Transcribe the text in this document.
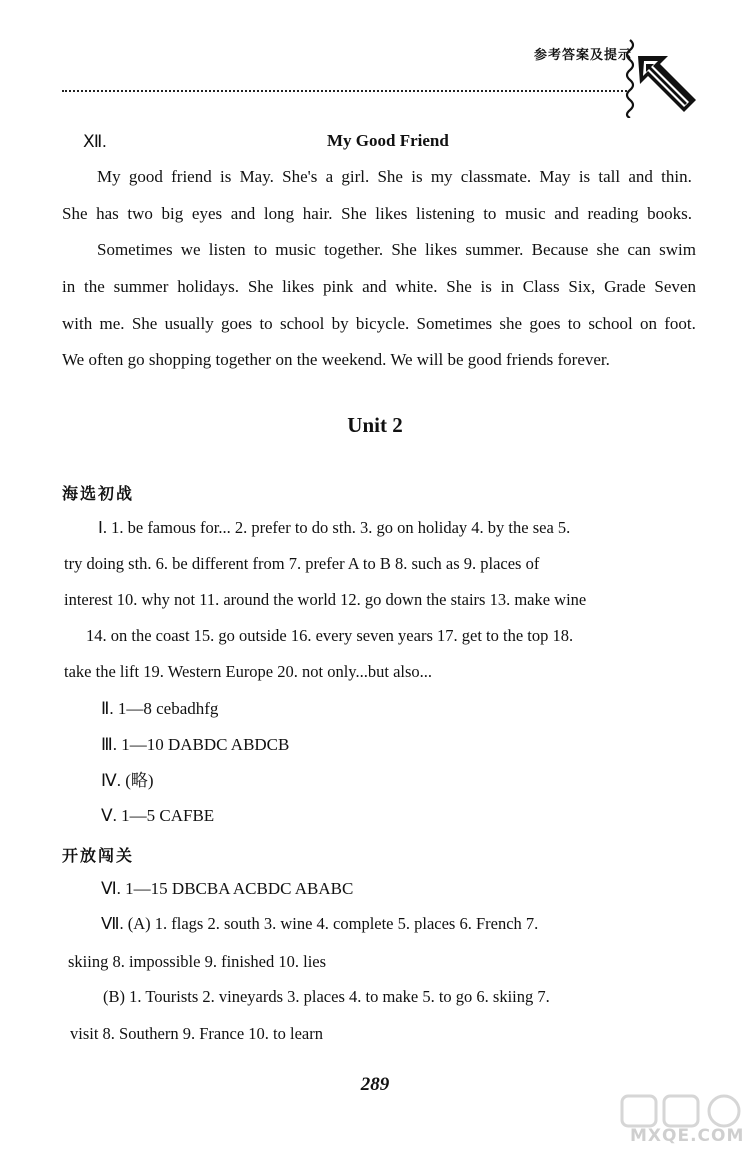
参考答案及提示
Ⅻ.	My Good Friend
My good friend is May. She's a girl. She is my classmate. May is tall and thin.
She has two big eyes and long hair. She likes listening to music and reading books.
Sometimes we listen to music together. She likes summer. Because she can swim
in the summer holidays. She likes pink and white. She is in Class Six, Grade Seven
with me. She usually goes to school by bicycle. Sometimes she goes to school on foot.
We often go shopping together on the weekend. We will be good friends forever.
Unit 2
海选初战
Ⅰ. 1. be famous for... 2. prefer to do sth. 3. go on holiday 4. by the sea 5.
try doing sth. 6. be different from 7. prefer A to B 8. such as 9. places of
interest 10. why not 11. around the world 12. go down the stairs 13. make wine
14. on the coast 15. go outside 16. every seven years 17. get to the top 18.
take the lift 19. Western Europe 20. not only...but also...
Ⅱ. 1—8 cebadhfg
Ⅲ. 1—10 DABDC ABDCB
Ⅳ. (略)
Ⅴ. 1—5 CAFBE
开放闯关
Ⅵ. 1—15 DBCBA ACBDC ABABC
Ⅶ. (A) 1. flags 2. south 3. wine 4. complete 5. places 6. French 7.
skiing 8. impossible 9. finished 10. lies
(B) 1. Tourists 2. vineyards 3. places 4. to make 5. to go 6. skiing 7.
visit 8. Southern 9. France 10. to learn
289
MXQE.COM
